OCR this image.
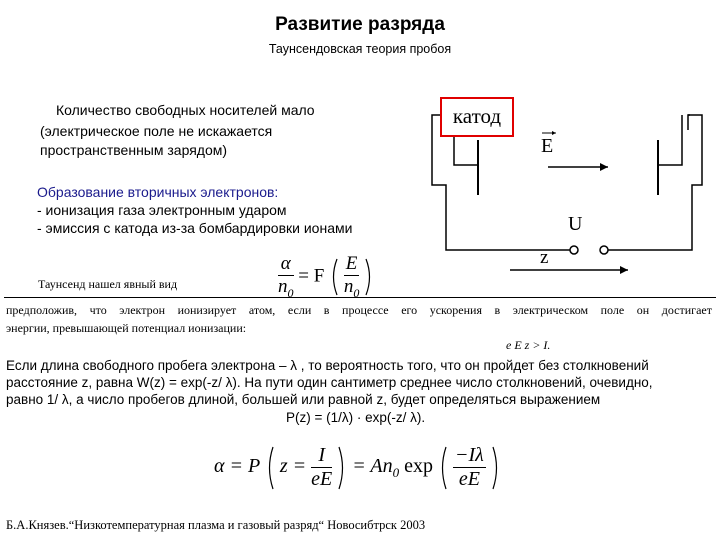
Развитие разряда
Таунсендовская теория пробоя
Количество свободных носителей мало
(электрическое поле не искажается
пространственным зарядом)
Образование вторичных электронов:
- ионизация газа электронным ударом
- эмиссия с катода из-за бомбардировки ионами
E
U
z
катод
Таунсенд нашел явный вид	$\frac{\alpha}{n_0} = F \frac{E}{n_0}$

предположив, что электрон ионизирует атом, если в процессе его ускорения в электрическом поле он достигает
энергии, превышающей потенциал ионизации:
e E z > I.
Если длина свободного пробега электрона – λ , то вероятность того, что он пройдет без столкновений
расстояние z, равна W(z) = exp(-z/ λ). На пути один сантиметр среднее число столкновений, очевидно,
равно 1/ λ, а число пробегов длиной, большей или равной z, будет определяться выражением
P(z) = (1/λ) · exp(-z/ λ).
α = P $z = \frac{I}{eE} = An_0$ $\exp \frac{-I\lambda}{eE}$

Б.А.Князев.“Низкотемпературная плазма и газовый разряд“ Новосибтрск 2003
